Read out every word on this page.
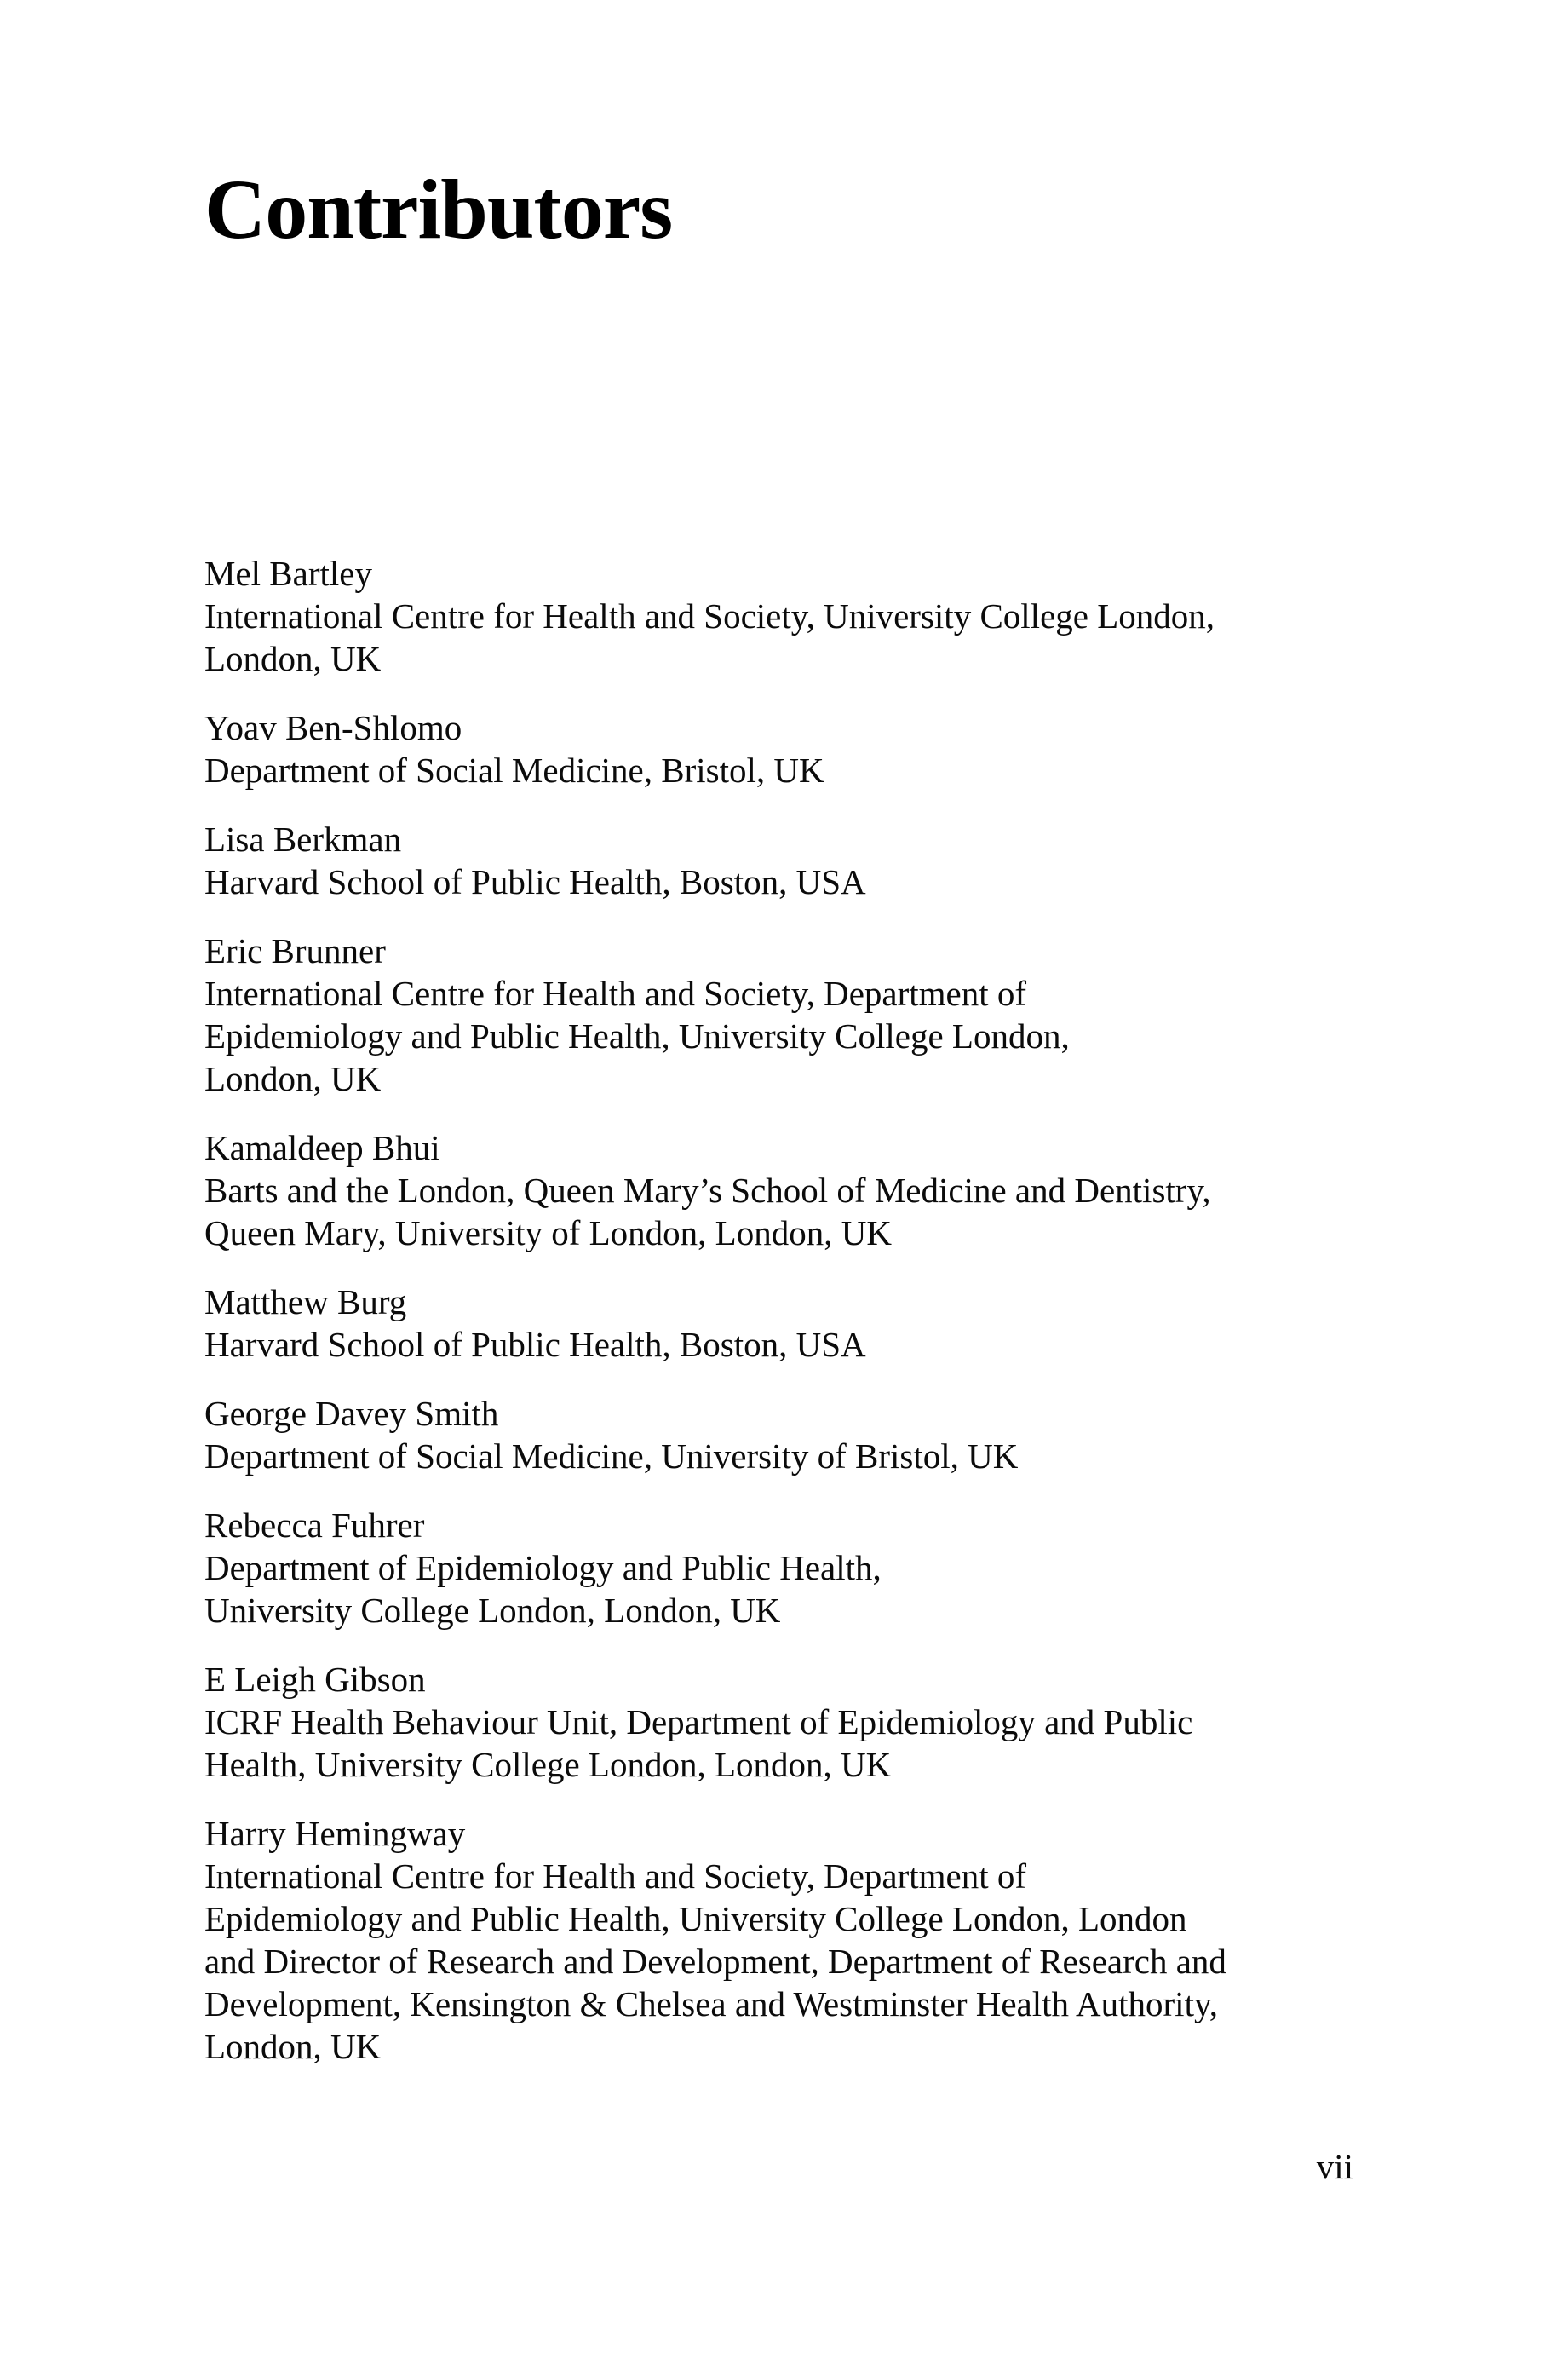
Contributors
Mel Bartley
International Centre for Health and Society, University College London,
London, UK
Yoav Ben-Shlomo
Department of Social Medicine, Bristol, UK
Lisa Berkman
Harvard School of Public Health, Boston, USA
Eric Brunner
International Centre for Health and Society, Department of
Epidemiology and Public Health, University College London,
London, UK
Kamaldeep Bhui
Barts and the London, Queen Mary’s School of Medicine and Dentistry,
Queen Mary, University of London, London, UK
Matthew Burg
Harvard School of Public Health, Boston, USA
George Davey Smith
Department of Social Medicine, University of Bristol, UK
Rebecca Fuhrer
Department of Epidemiology and Public Health,
University College London, London, UK
E Leigh Gibson
ICRF Health Behaviour Unit, Department of Epidemiology and Public
Health, University College London, London, UK
Harry Hemingway
International Centre for Health and Society, Department of
Epidemiology and Public Health, University College London, London
and Director of Research and Development, Department of Research and
Development, Kensington & Chelsea and Westminster Health Authority,
London, UK
vii
